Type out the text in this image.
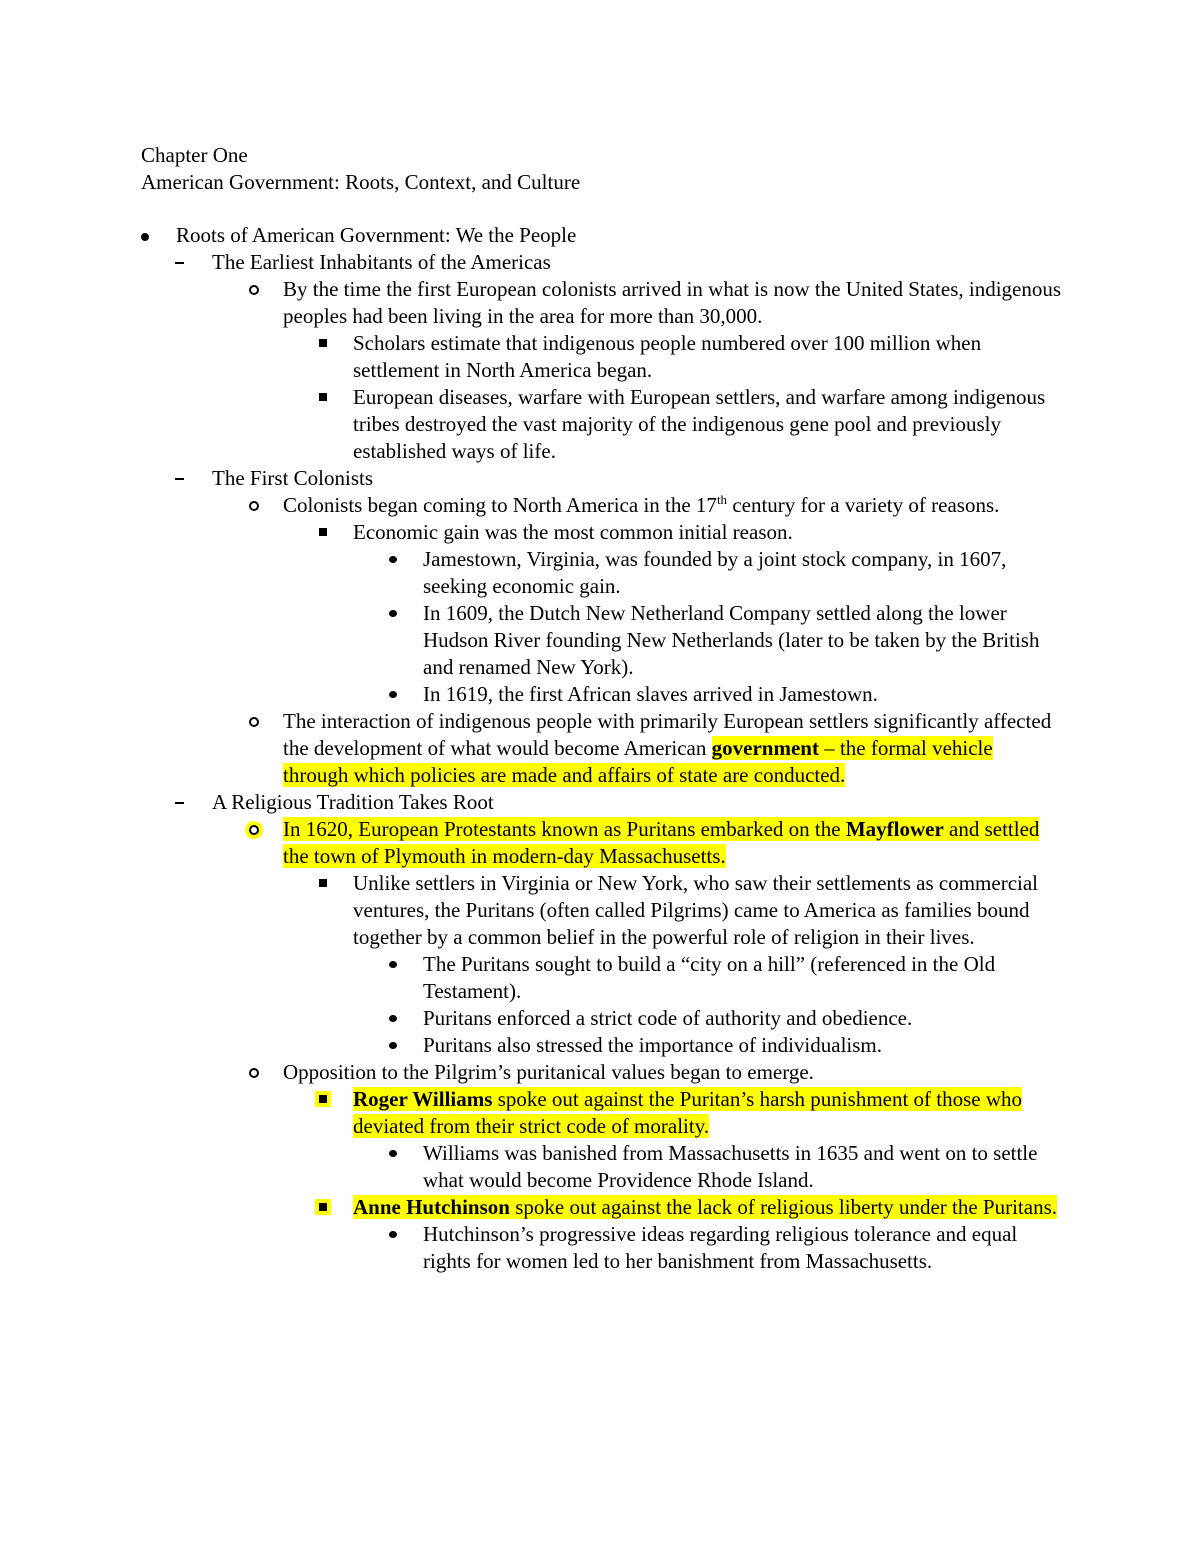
Chapter One
American Government: Roots, Context, and Culture
Roots of American Government: We the People
The Earliest Inhabitants of the Americas
By the time the first European colonists arrived in what is now the United States, indigenous peoples had been living in the area for more than 30,000.
Scholars estimate that indigenous people numbered over 100 million when settlement in North America began.
European diseases, warfare with European settlers, and warfare among indigenous tribes destroyed the vast majority of the indigenous gene pool and previously established ways of life.
The First Colonists
Colonists began coming to North America in the 17th century for a variety of reasons.
Economic gain was the most common initial reason.
Jamestown, Virginia, was founded by a joint stock company, in 1607, seeking economic gain.
In 1609, the Dutch New Netherland Company settled along the lower Hudson River founding New Netherlands (later to be taken by the British and renamed New York).
In 1619, the first African slaves arrived in Jamestown.
The interaction of indigenous people with primarily European settlers significantly affected the development of what would become American government – the formal vehicle through which policies are made and affairs of state are conducted.
A Religious Tradition Takes Root
In 1620, European Protestants known as Puritans embarked on the Mayflower and settled the town of Plymouth in modern-day Massachusetts.
Unlike settlers in Virginia or New York, who saw their settlements as commercial ventures, the Puritans (often called Pilgrims) came to America as families bound together by a common belief in the powerful role of religion in their lives.
The Puritans sought to build a “city on a hill” (referenced in the Old Testament).
Puritans enforced a strict code of authority and obedience.
Puritans also stressed the importance of individualism.
Opposition to the Pilgrim’s puritanical values began to emerge.
Roger Williams spoke out against the Puritan’s harsh punishment of those who deviated from their strict code of morality.
Williams was banished from Massachusetts in 1635 and went on to settle what would become Providence Rhode Island.
Anne Hutchinson spoke out against the lack of religious liberty under the Puritans.
Hutchinson’s progressive ideas regarding religious tolerance and equal rights for women led to her banishment from Massachusetts.
